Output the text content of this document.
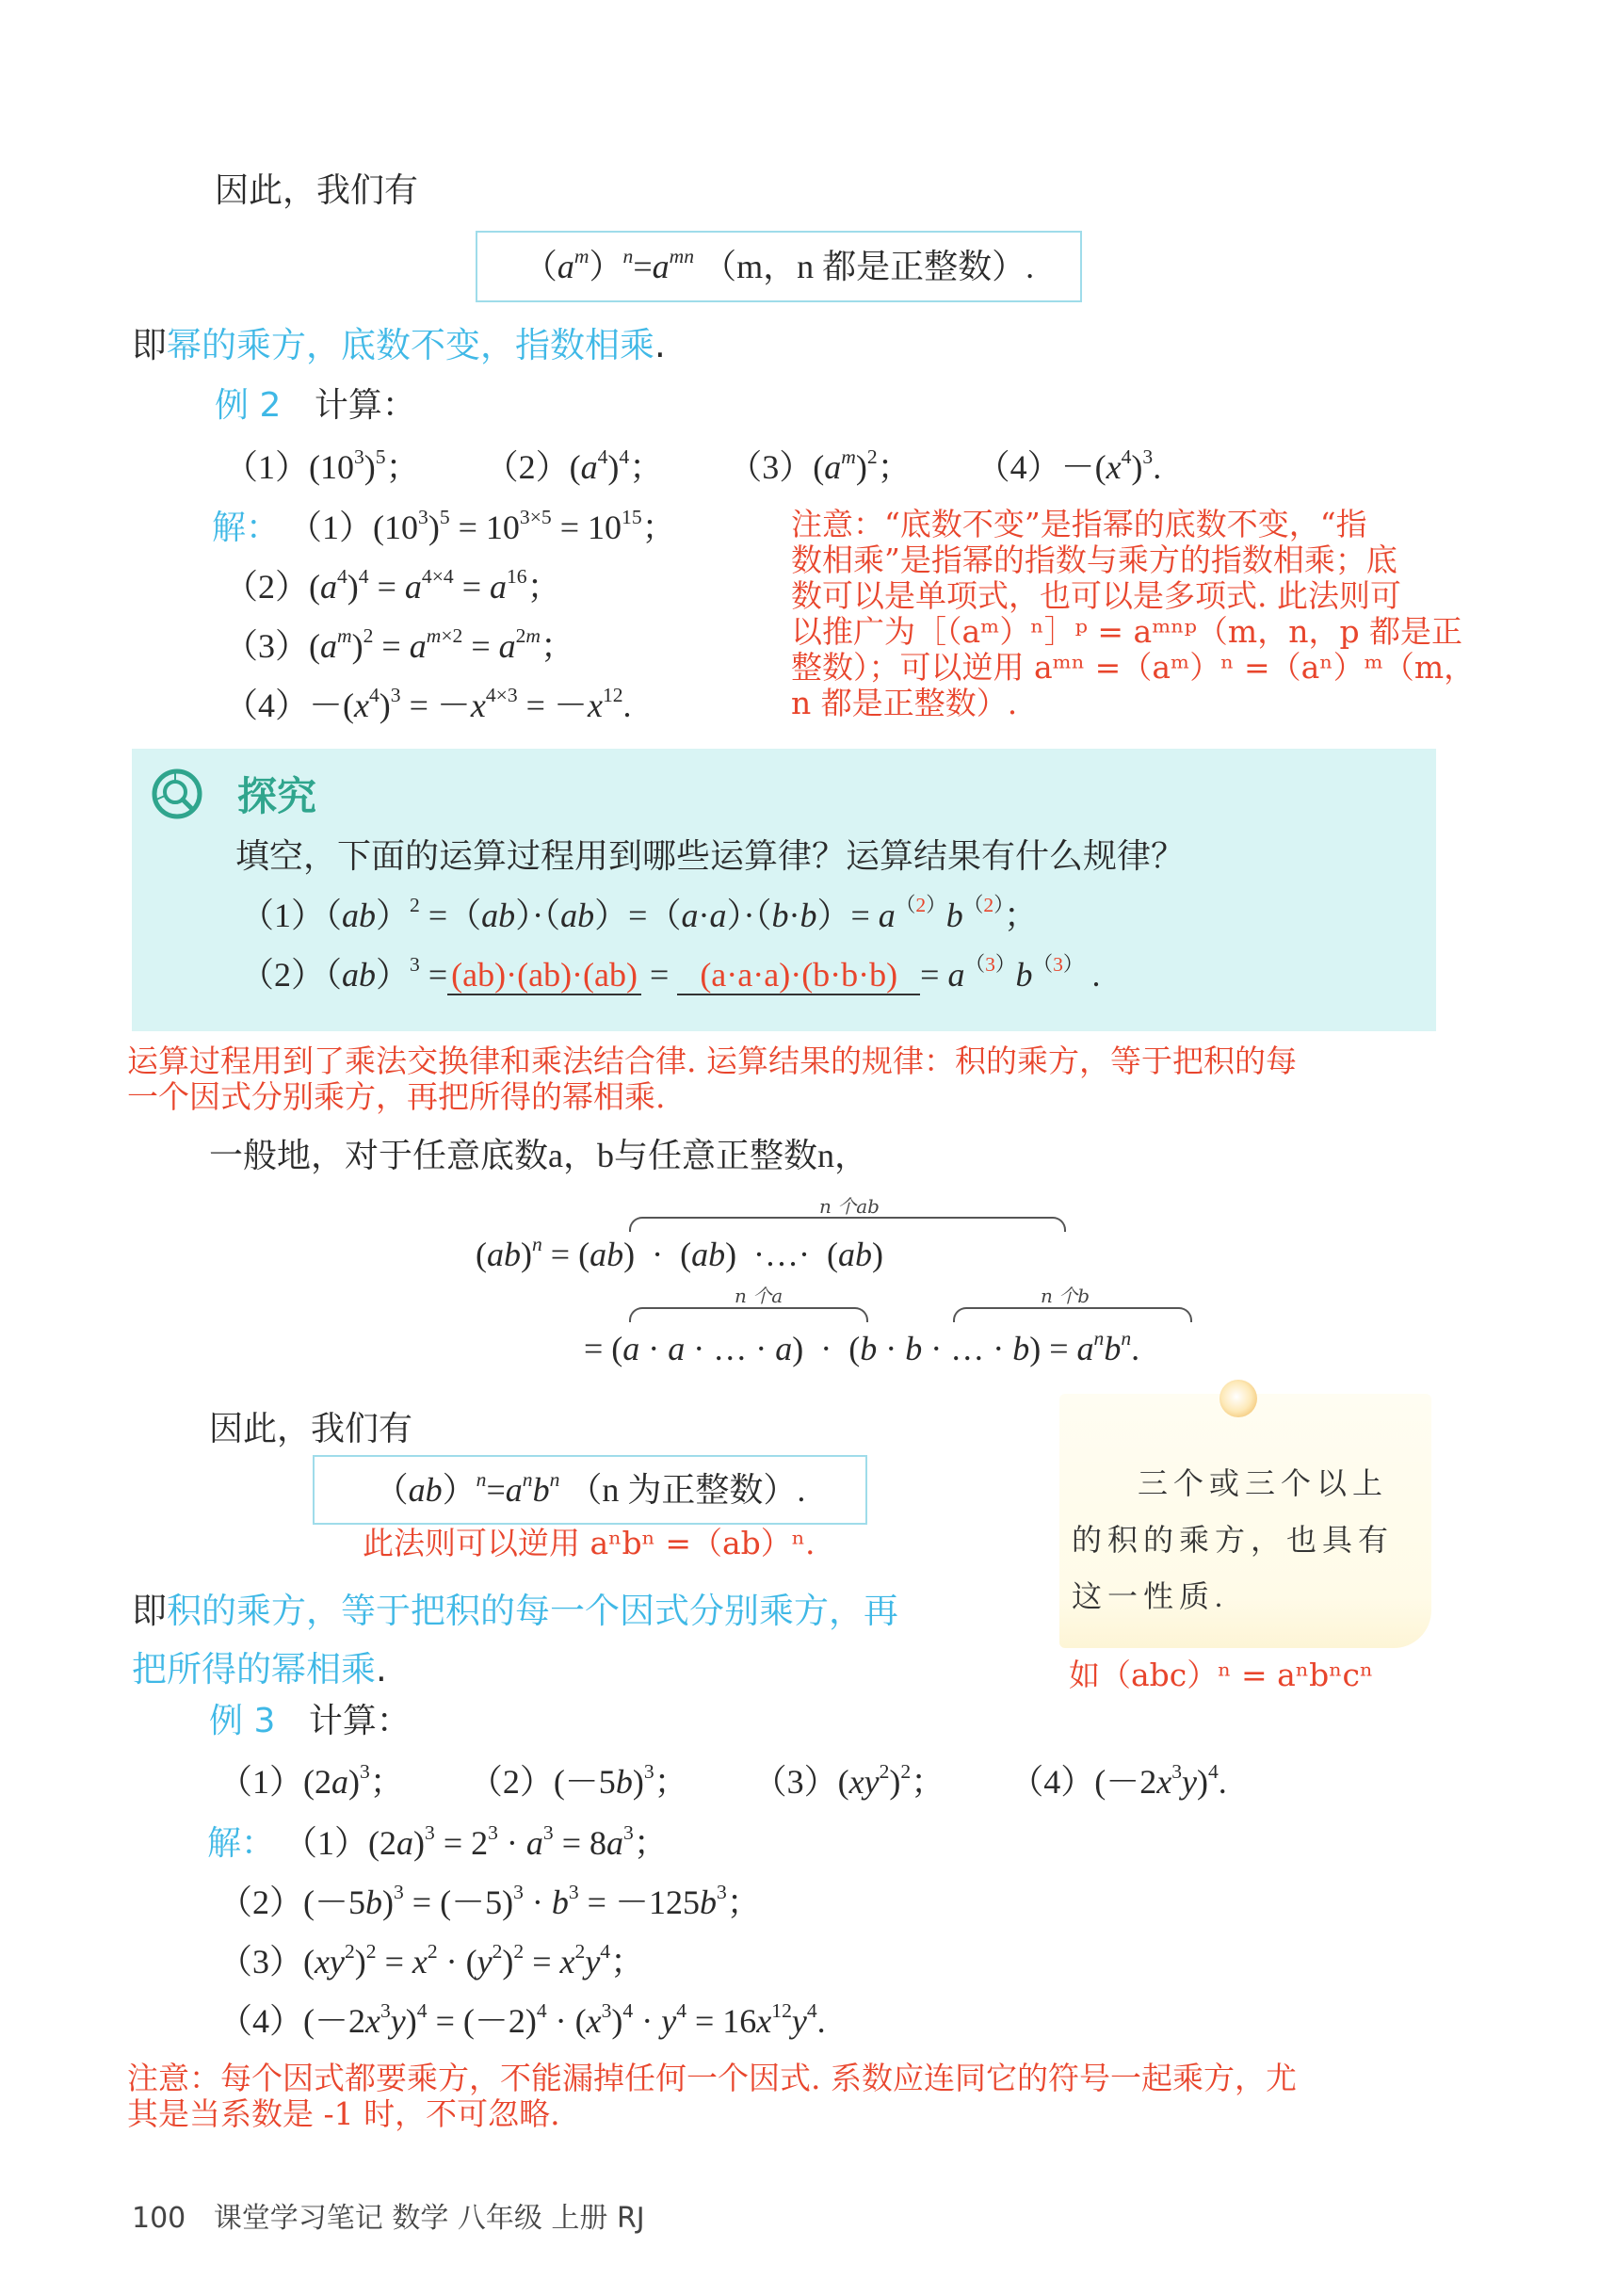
因此，我们有
$(a^m)^n=a^{mn}$ （m，n 都是正整数）.
即幂的乘方，底数不变，指数相乘.
例 2 计算：
$(1)(10^3)^5$； $(2)(a^4)^4$； $(3)(a^m)^2$； $(4)-(x^4)^3$.
解： $(1)(10^3)^5 = 10^{3\times 5} = 10^{15}$；
$(2)(a^4)^4 = a^{4\times 4} = a^{16}$；
$(3)(a^m)^2 = a^{m\times 2} = a^{2m}$；
$(4)-(x^4)^3 = -x^{4\times 3} = -x^{12}$.
注意：“底数不变”是指幂的底数不变，“指
数相乘”是指幂的指数与乘方的指数相乘；底
数可以是单项式，也可以是多项式. 此法则可
以推广为［（aᵐ）ⁿ］ᵖ = aᵐⁿᵖ（m，n，p 都是正
整数）；可以逆用 aᵐⁿ =（aᵐ）ⁿ =（aⁿ）ᵐ（m，
n 都是正整数）.
探究
填空，下面的运算过程用到哪些运算律？运算结果有什么规律？
$(1)(ab)^2 =(ab)\cdot(ab)=(a\cdot a)\cdot(b\cdot b)= a^{(2)}b^{(2)}$；
$(2)(ab)^3 = (ab)\cdot(ab)\cdot(ab) = (a\cdot a\cdot a)\cdot(b\cdot b\cdot b) = a^{(3)}b^{(3)}$ .
运算过程用到了乘法交换律和乘法结合律. 运算结果的规律：积的乘方，等于把积的每
一个因式分别乘方，再把所得的幂相乘.
一般地，对于任意底数a，b与任意正整数n，
n 个ab
(ab)$^n$ = (ab)  ·  (ab)  ·…·  (ab)
n 个a	n 个b
= (a · a · … · a)  ·  (b · b · … · $b) = a^nb^n$.
因此，我们有
$(ab)^n=a^nb^n$ （n 为正整数）.
此法则可以逆用 aⁿbⁿ =（ab）ⁿ.
即积的乘方，等于把积的每一个因式分别乘方，再
把所得的幂相乘.
三个或三个以上
的积的乘方，也具有
这一性质.
如（abc）ⁿ = aⁿbⁿcⁿ
例 3 计算：
$(1)(2a)^3$； $(2)(-5b)^3$； $(3)(xy^2)^2$； $(4)(-2x^3y)^4$.
解： $(1)(2a)^3 = 2^3 \cdot a^3 = 8a^3$；
$(2)(-5b)^3 = (-5)^3 \cdot b^3 = -125b^3$；
$(3)(xy^2)^2 = x^2 \cdot (y^2)^2 = x^2y^4$；
$(4)(-2x^3y)^4 = (-2)^4 \cdot (x^3)^4 \cdot y^4 = 16x^{12}y^4$.
注意：每个因式都要乘方，不能漏掉任何一个因式. 系数应连同它的符号一起乘方，尤
其是当系数是 -1 时，不可忽略.
100 课堂学习笔记 数学 八年级 上册 RJ
